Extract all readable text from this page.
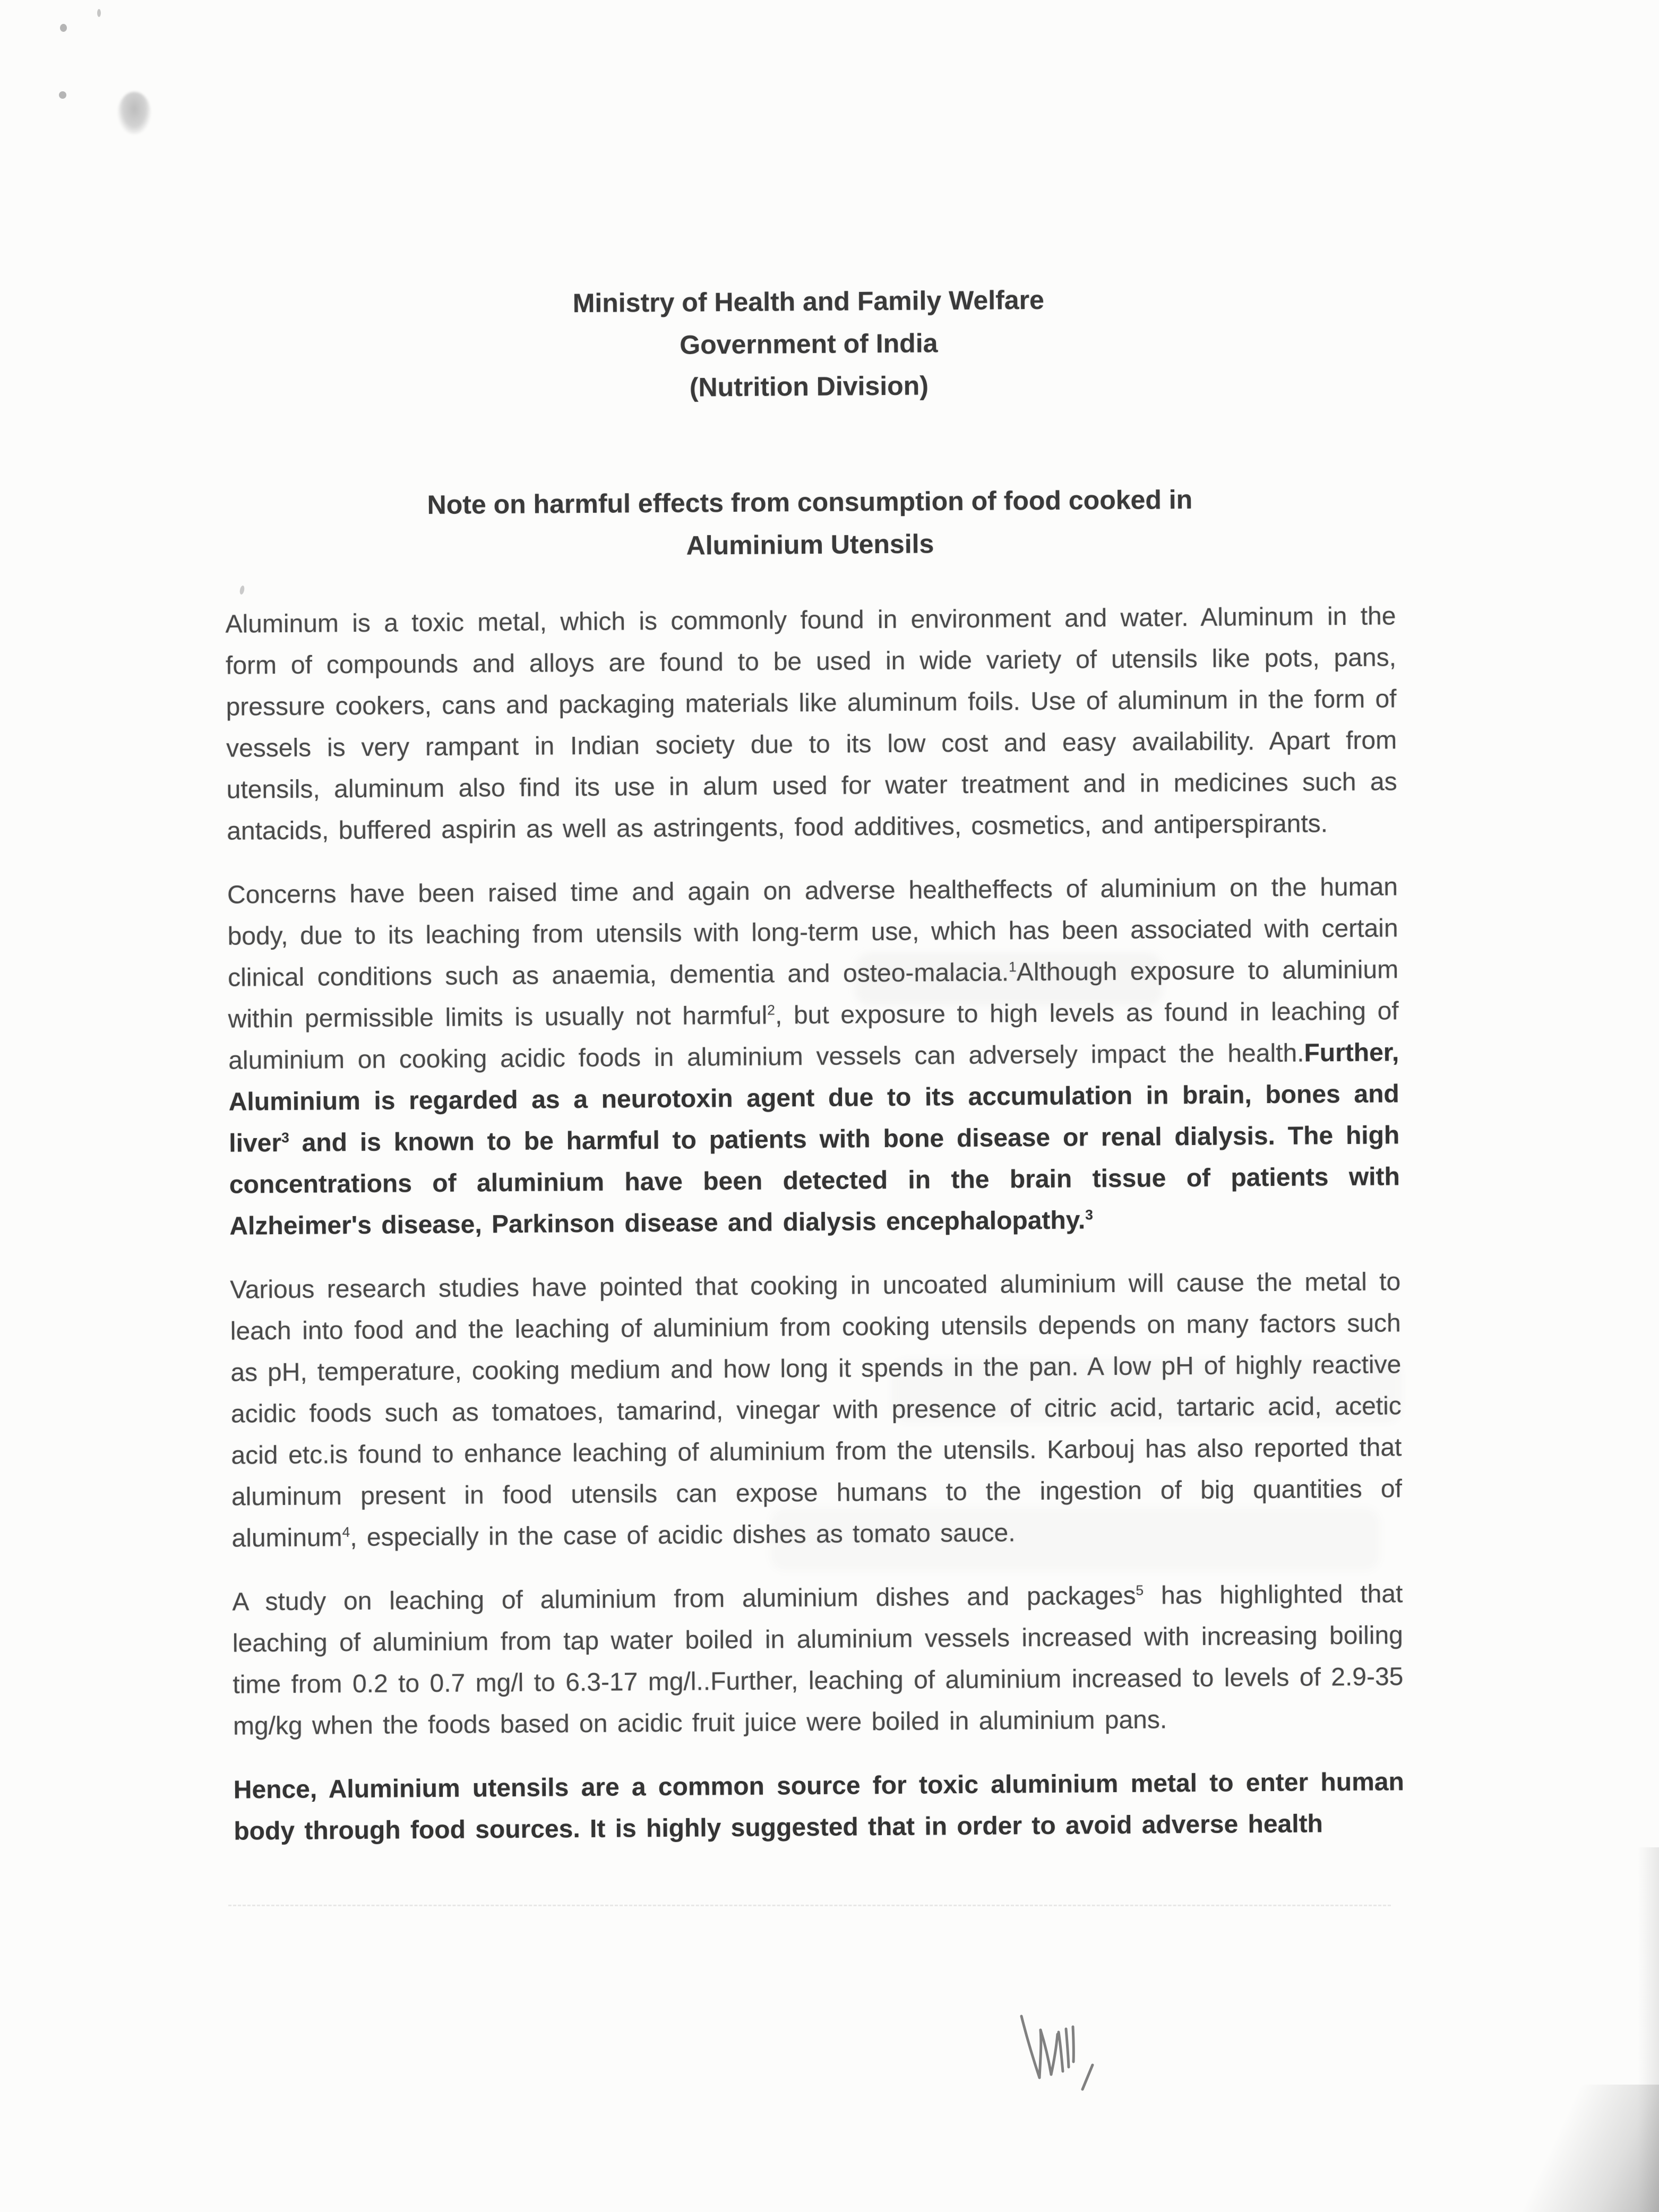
Ministry of Health and Family Welfare
Government of India
(Nutrition Division)
Note on harmful effects from consumption of food cooked in
Aluminium Utensils

Aluminum is a toxic metal, which is commonly found in environment and water. Aluminum in the form of compounds and alloys are found to be used in wide variety of utensils like pots, pans, pressure cookers, cans and packaging materials like aluminum foils. Use of aluminum in the form of vessels is very rampant in Indian society due to its low cost and easy availability. Apart from utensils, aluminum also find its use in alum used for water treatment and in medicines such as antacids, buffered aspirin as well as astringents, food additives, cosmetics, and antiperspirants.

Concerns have been raised time and again on adverse healtheffects of aluminium on the human body, due to its leaching from utensils with long-term use, which has been associated with certain clinical conditions such as anaemia, dementia and osteo-malacia.$^1$Although exposure to aluminium within permissible limits is usually not harmful$^2$, but exposure to high levels as found in leaching of aluminium on cooking acidic foods in aluminium vessels can adversely impact the health.Further, Aluminium is regarded as a neurotoxin agent due to its accumulation in brain, bones and liver$^3$ and is known to be harmful to patients with bone disease or renal dialysis. The high concentrations of aluminium have been detected in the brain tissue of patients with Alzheimer's disease, Parkinson disease and dialysis encephalopathy.$^3$

Various research studies have pointed that cooking in uncoated aluminium will cause the metal to leach into food and the leaching of aluminium from cooking utensils depends on many factors such as pH, temperature, cooking medium and how long it spends in the pan. A low pH of highly reactive acidic foods such as tomatoes, tamarind, vinegar with presence of citric acid, tartaric acid, acetic acid etc.is found to enhance leaching of aluminium from the utensils. Karbouj has also reported that aluminum present in food utensils can expose humans to the ingestion of big quantities of aluminum$^4$, especially in the case of acidic dishes as tomato sauce.

A study on leaching of aluminium from aluminium dishes and packages$^5$ has highlighted that leaching of aluminium from tap water boiled in aluminium vessels increased with increasing boiling time from 0.2 to 0.7 mg/l to 6.3-17 mg/l..Further, leaching of aluminium increased to levels of 2.9-35 mg/kg when the foods based on acidic fruit juice were boiled in aluminium pans.

Hence, Aluminium utensils are a common source for toxic aluminium metal to enter human body through food sources. It is highly suggested that in order to avoid adverse health
